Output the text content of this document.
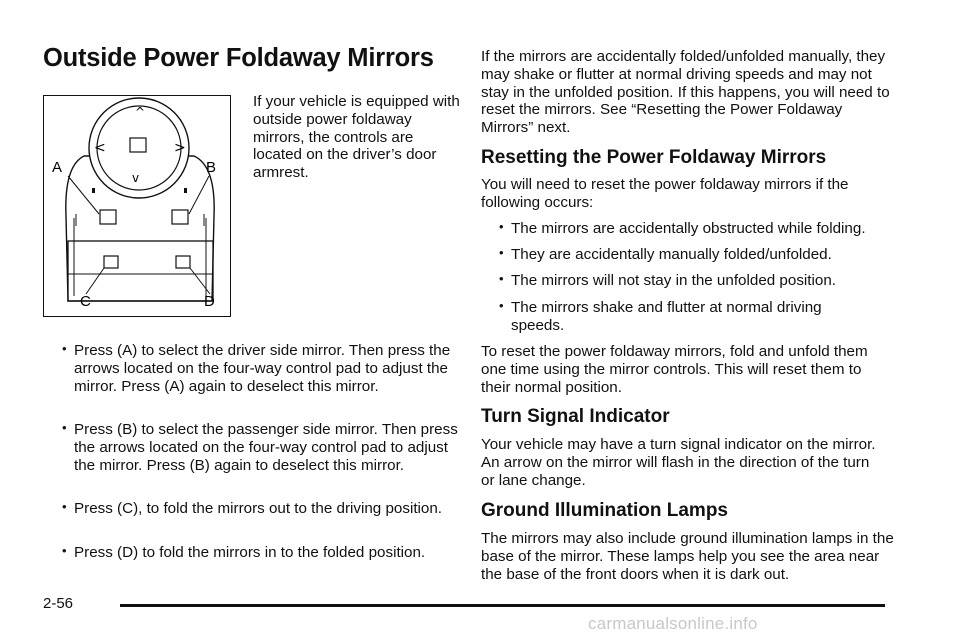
Outside Power Foldaway Mirrors
^
v
<	>
A	B
C	D

If your vehicle is equipped with outside power foldaway mirrors, the controls are located on the driver’s door armrest.

• Press (A) to select the driver side mirror. Then press the arrows located on the four-way control pad to adjust the mirror. Press (A) again to deselect this mirror.
• Press (B) to select the passenger side mirror. Then press the arrows located on the four-way control pad to adjust the mirror. Press (B) again to deselect this mirror.
• Press (C), to fold the mirrors out to the driving position.
• Press (D) to fold the mirrors in to the folded position.

If the mirrors are accidentally folded/unfolded manually, they may shake or flutter at normal driving speeds and may not stay in the unfolded position. If this happens, you will need to reset the mirrors. See “Resetting the Power Foldaway Mirrors” next.

Resetting the Power Foldaway Mirrors

You will need to reset the power foldaway mirrors if the following occurs:

• The mirrors are accidentally obstructed while folding.
• They are accidentally manually folded/unfolded.
• The mirrors will not stay in the unfolded position.
• The mirrors shake and flutter at normal driving speeds.

To reset the power foldaway mirrors, fold and unfold them one time using the mirror controls. This will reset them to their normal position.

Turn Signal Indicator

Your vehicle may have a turn signal indicator on the mirror. An arrow on the mirror will flash in the direction of the turn or lane change.

Ground Illumination Lamps

The mirrors may also include ground illumination lamps in the base of the mirror. These lamps help you see the area near the base of the front doors when it is dark out.

2-56
carmanualsonline.info
